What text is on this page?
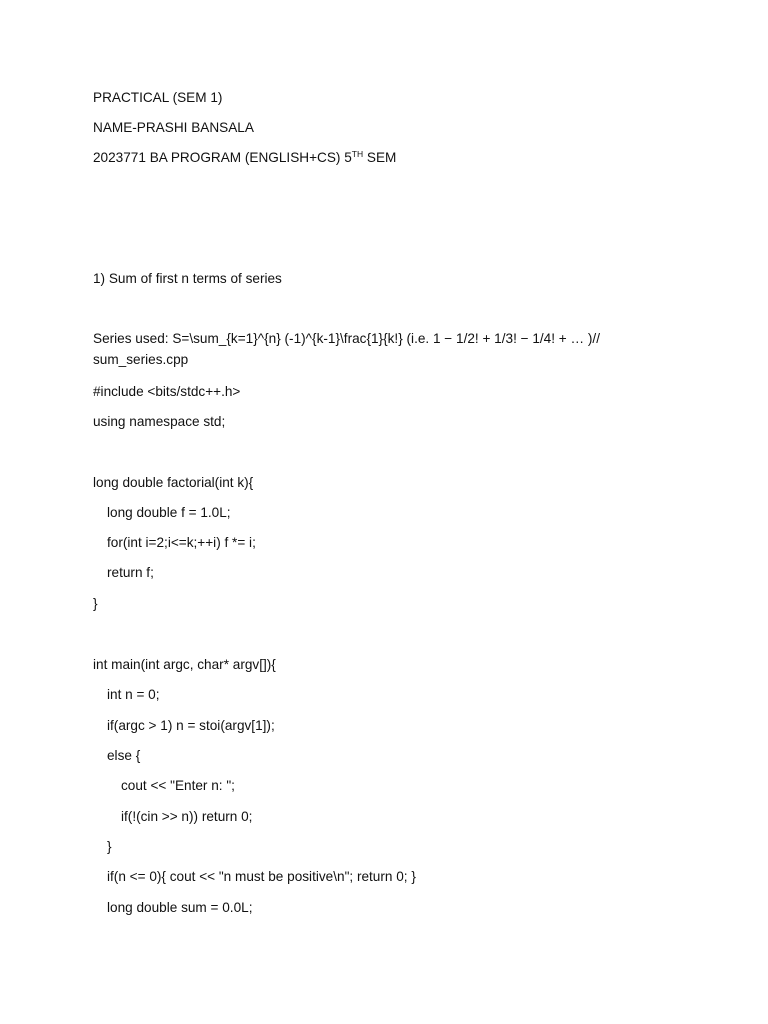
PRACTICAL (SEM 1)
NAME-PRASHI BANSALA
2023771 BA PROGRAM (ENGLISH+CS) 5TH SEM
1) Sum of first n terms of series
Series used: S=\sum_{k=1}^{n} (-1)^{k-1}\frac{1}{k!} (i.e. 1 − 1/2! + 1/3! − 1/4! + … )// sum_series.cpp
#include <bits/stdc++.h>
using namespace std;
long double factorial(int k){
long double f = 1.0L;
for(int i=2;i<=k;++i) f *= i;
return f;
}
int main(int argc, char* argv[]){
int n = 0;
if(argc > 1) n = stoi(argv[1]);
else {
cout << "Enter n: ";
if(!(cin >> n)) return 0;
}
if(n <= 0){ cout << "n must be positive\n"; return 0; }
long double sum = 0.0L;
